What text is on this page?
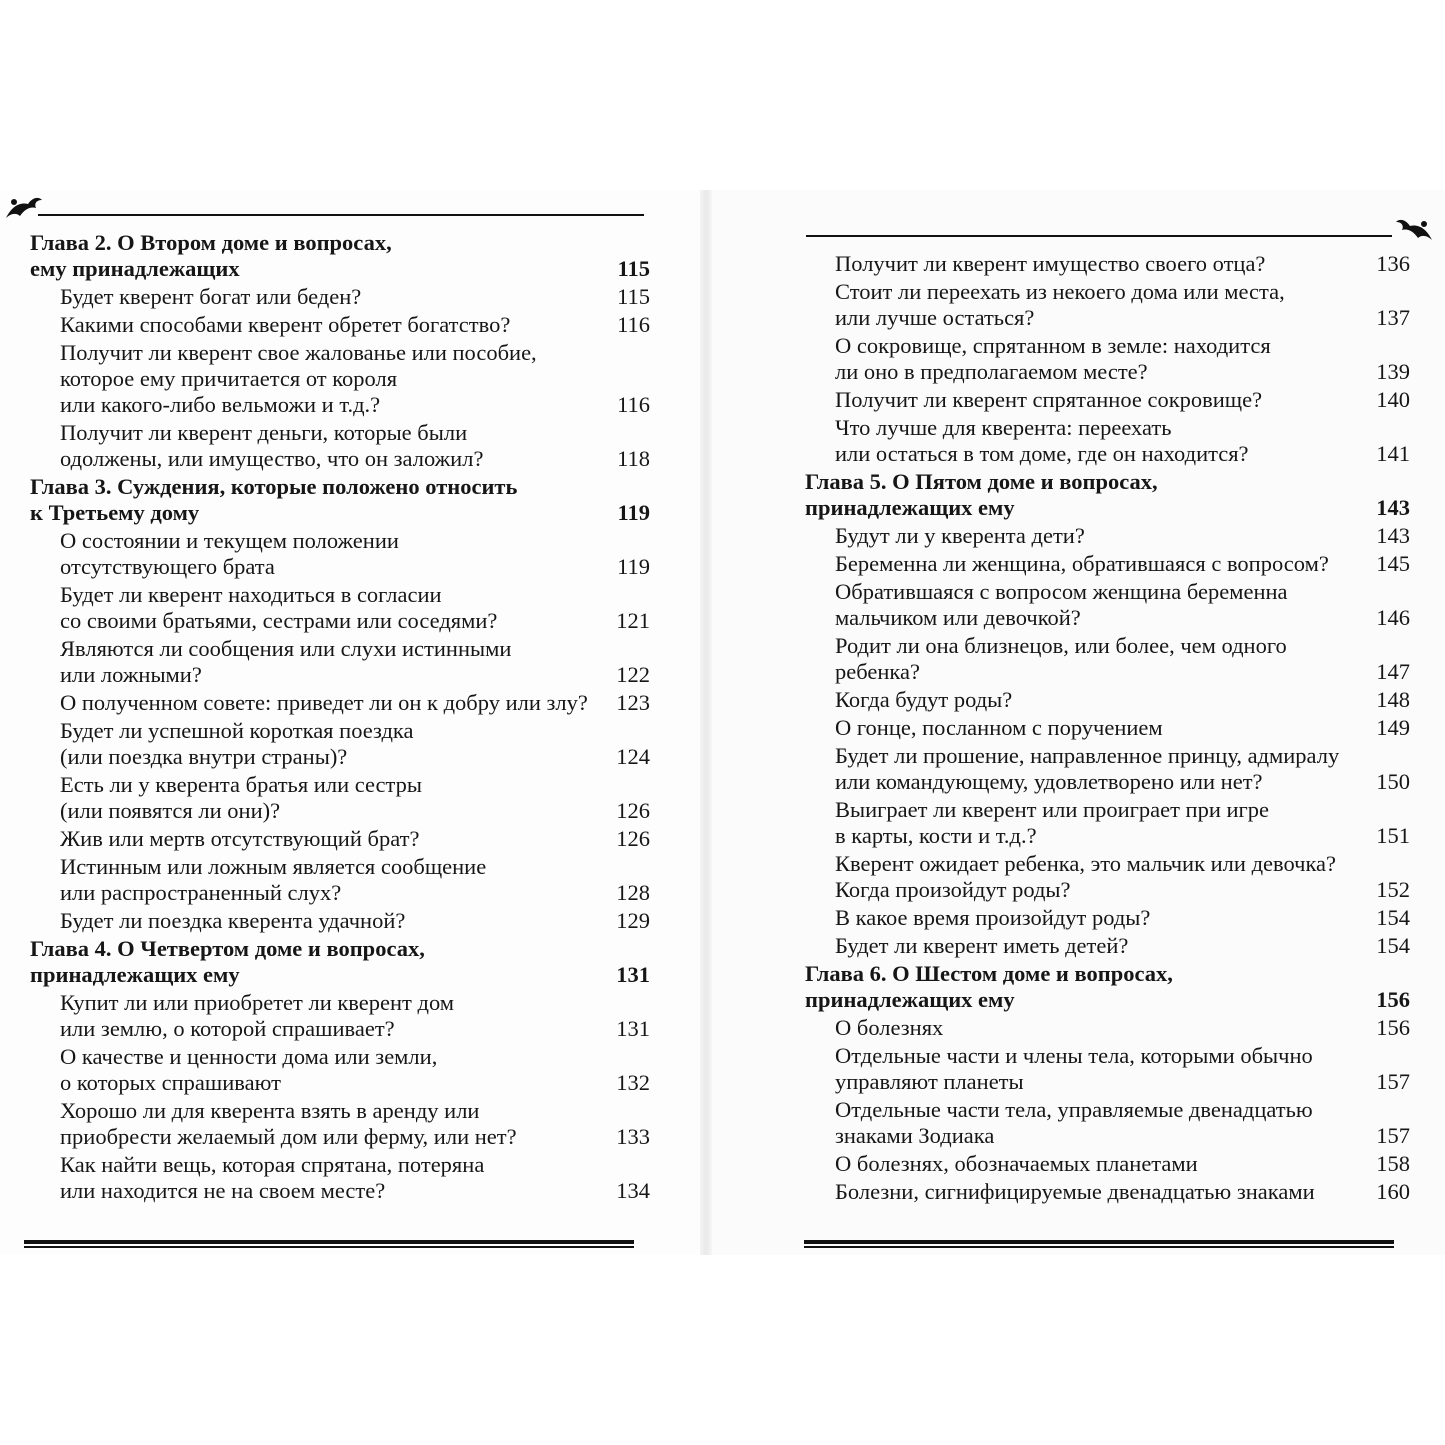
Глава 2. О Втором доме и вопросах,
ему принадлежащих	115
Будет кверент богат или беден?	115
Какими способами кверент обретет богатство?	116
Получит ли кверент свое жалованье или пособие,
которое ему причитается от короля
или какого-либо вельможи и т.д.?	116
Получит ли кверент деньги, которые были
одолжены, или имущество, что он заложил?	118
Глава 3. Суждения, которые положено относить
к Третьему дому	119
О состоянии и текущем положении
отсутствующего брата	119
Будет ли кверент находиться в согласии
со своими братьями, сестрами или соседями?	121
Являются ли сообщения или слухи истинными
или ложными?	122
О полученном совете: приведет ли он к добру или злу?	123
Будет ли успешной короткая поездка
(или поездка внутри страны)?	124
Есть ли у кверента братья или сестры
(или появятся ли они)?	126
Жив или мертв отсутствующий брат?	126
Истинным или ложным является сообщение
или распространенный слух?	128
Будет ли поездка кверента удачной?	129
Глава 4. О Четвертом доме и вопросах,
принадлежащих ему	131
Купит ли или приобретет ли кверент дом
или землю, о которой спрашивает?	131
О качестве и ценности дома или земли,
о которых спрашивают	132
Хорошо ли для кверента взять в аренду или
приобрести желаемый дом или ферму, или нет?	133
Как найти вещь, которая спрятана, потеряна
или находится не на своем месте?	134
Получит ли кверент имущество своего отца?	136
Стоит ли переехать из некоего дома или места,
или лучше остаться?	137
О сокровище, спрятанном в земле: находится
ли оно в предполагаемом месте?	139
Получит ли кверент спрятанное сокровище?	140
Что лучше для кверента: переехать
или остаться в том доме, где он находится?	141
Глава 5. О Пятом доме и вопросах,
принадлежащих ему	143
Будут ли у кверента дети?	143
Беременна ли женщина, обратившаяся с вопросом?	145
Обратившаяся с вопросом женщина беременна
мальчиком или девочкой?	146
Родит ли она близнецов, или более, чем одного
ребенка?	147
Когда будут роды?	148
О гонце, посланном с поручением	149
Будет ли прошение, направленное принцу, адмиралу
или командующему, удовлетворено или нет?	150
Выиграет ли кверент или проиграет при игре
в карты, кости и т.д.?	151
Кверент ожидает ребенка, это мальчик или девочка?
Когда произойдут роды?	152
В какое время произойдут роды?	154
Будет ли кверент иметь детей?	154
Глава 6. О Шестом доме и вопросах,
принадлежащих ему	156
О болезнях	156
Отдельные части и члены тела, которыми обычно
управляют планеты	157
Отдельные части тела, управляемые двенадцатью
знаками Зодиака	157
О болезнях, обозначаемых планетами	158
Болезни, сигнифицируемые двенадцатью знаками	160
